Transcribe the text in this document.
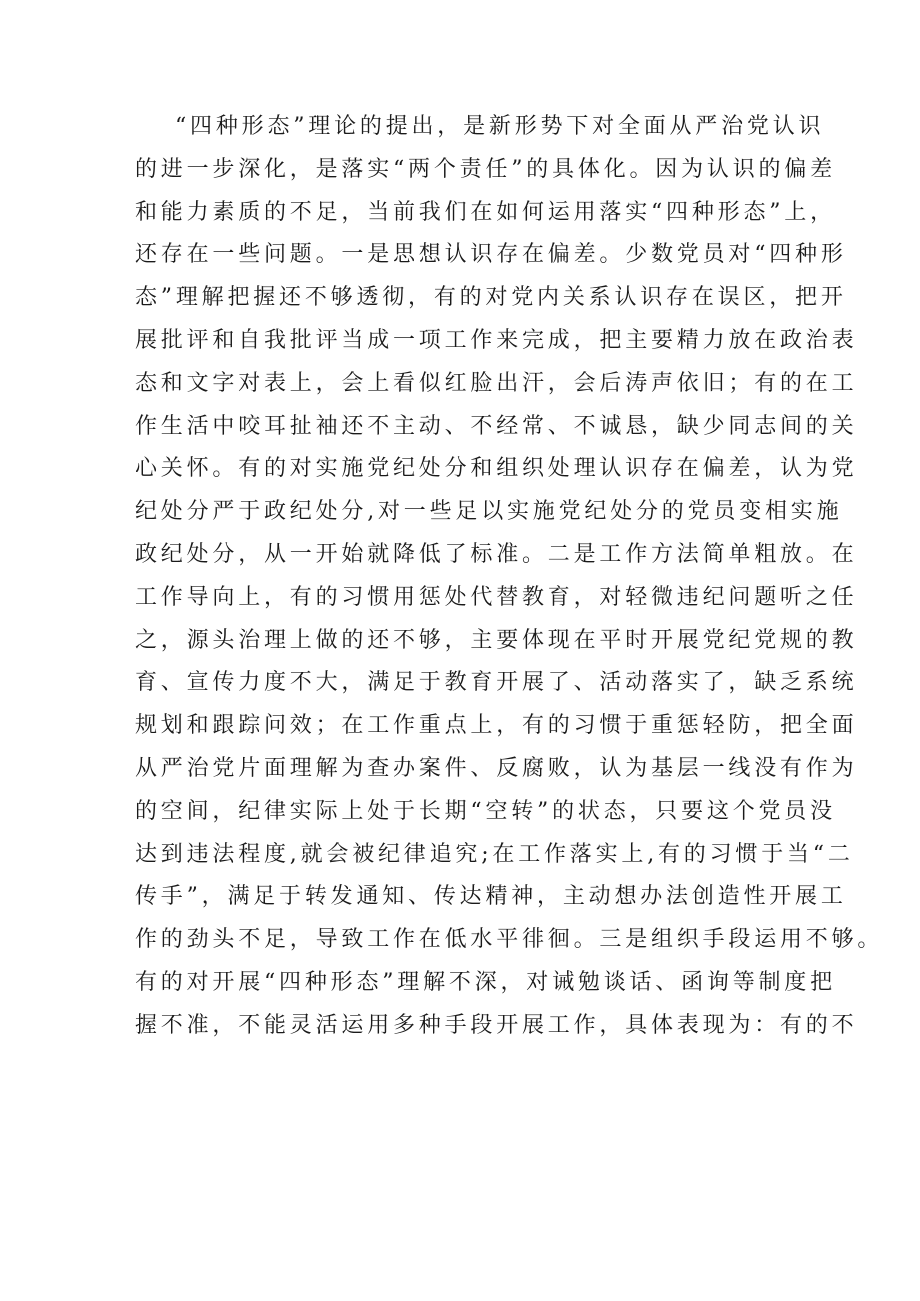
“四种形态”理论的提出，是新形势下对全面从严治党认识
的进一步深化，是落实“两个责任”的具体化。因为认识的偏差
和能力素质的不足，当前我们在如何运用落实“四种形态”上，
还存在一些问题。一是思想认识存在偏差。少数党员对“四种形
态”理解把握还不够透彻，有的对党内关系认识存在误区，把开
展批评和自我批评当成一项工作来完成，把主要精力放在政治表
态和文字对表上，会上看似红脸出汗，会后涛声依旧；有的在工
作生活中咬耳扯袖还不主动、不经常、不诚恳，缺少同志间的关
心关怀。有的对实施党纪处分和组织处理认识存在偏差，认为党
纪处分严于政纪处分,对一些足以实施党纪处分的党员变相实施
政纪处分，从一开始就降低了标准。二是工作方法简单粗放。在
工作导向上，有的习惯用惩处代替教育，对轻微违纪问题听之任
之，源头治理上做的还不够，主要体现在平时开展党纪党规的教
育、宣传力度不大，满足于教育开展了、活动落实了，缺乏系统
规划和跟踪问效；在工作重点上，有的习惯于重惩轻防，把全面
从严治党片面理解为查办案件、反腐败，认为基层一线没有作为
的空间，纪律实际上处于长期“空转”的状态，只要这个党员没
达到违法程度,就会被纪律追究;在工作落实上,有的习惯于当“二
传手”，满足于转发通知、传达精神，主动想办法创造性开展工
作的劲头不足，导致工作在低水平徘徊。三是组织手段运用不够。
有的对开展“四种形态”理解不深，对诫勉谈话、函询等制度把
握不准，不能灵活运用多种手段开展工作，具体表现为：有的不
